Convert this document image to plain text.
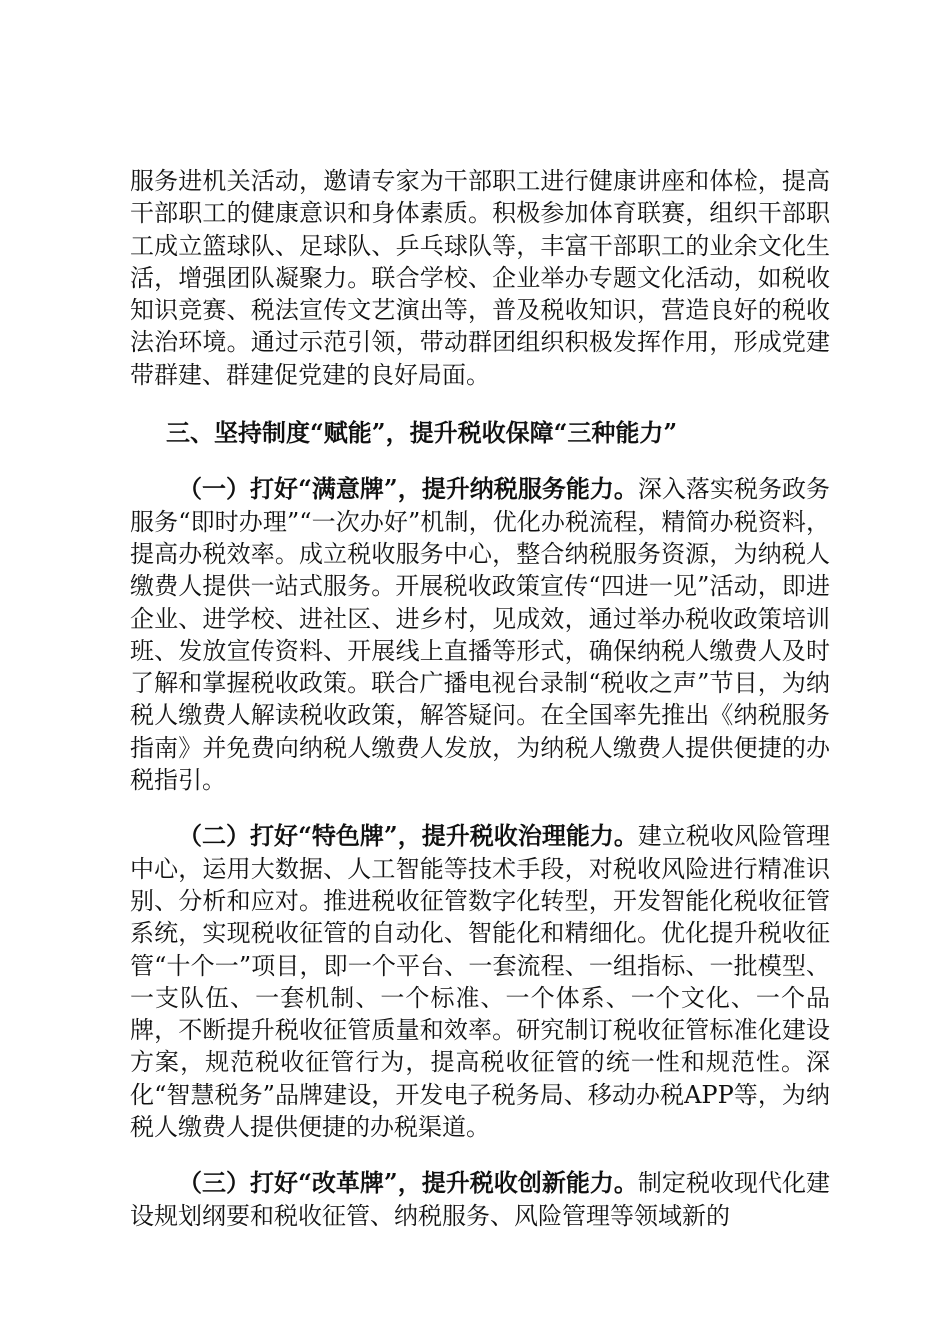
服务进机关活动，邀请专家为干部职工进行健康讲座和体检，提高干部职工的健康意识和身体素质。积极参加体育联赛，组织干部职工成立篮球队、足球队、乒乓球队等，丰富干部职工的业余文化生活，增强团队凝聚力。联合学校、企业举办专题文化活动，如税收知识竞赛、税法宣传文艺演出等，普及税收知识，营造良好的税收法治环境。通过示范引领，带动群团组织积极发挥作用，形成党建带群建、群建促党建的良好局面。

三、坚持制度“赋能”，提升税收保障“三种能力”

（一）打好“满意牌”，提升纳税服务能力。深入落实税务政务服务“即时办理”“一次办好”机制，优化办税流程，精简办税资料，提高办税效率。成立税收服务中心，整合纳税服务资源，为纳税人缴费人提供一站式服务。开展税收政策宣传“四进一见”活动，即进企业、进学校、进社区、进乡村，见成效，通过举办税收政策培训班、发放宣传资料、开展线上直播等形式，确保纳税人缴费人及时了解和掌握税收政策。联合广播电视台录制“税收之声”节目，为纳税人缴费人解读税收政策，解答疑问。在全国率先推出《纳税服务指南》并免费向纳税人缴费人发放，为纳税人缴费人提供便捷的办税指引。

（二）打好“特色牌”，提升税收治理能力。建立税收风险管理中心，运用大数据、人工智能等技术手段，对税收风险进行精准识别、分析和应对。推进税收征管数字化转型，开发智能化税收征管系统，实现税收征管的自动化、智能化和精细化。优化提升税收征管“十个一”项目，即一个平台、一套流程、一组指标、一批模型、一支队伍、一套机制、一个标准、一个体系、一个文化、一个品牌，不断提升税收征管质量和效率。研究制订税收征管标准化建设方案，规范税收征管行为，提高税收征管的统一性和规范性。深化“智慧税务”品牌建设，开发电子税务局、移动办税APP等，为纳税人缴费人提供便捷的办税渠道。

（三）打好“改革牌”，提升税收创新能力。制定税收现代化建设规划纲要和税收征管、纳税服务、风险管理等领域新的
